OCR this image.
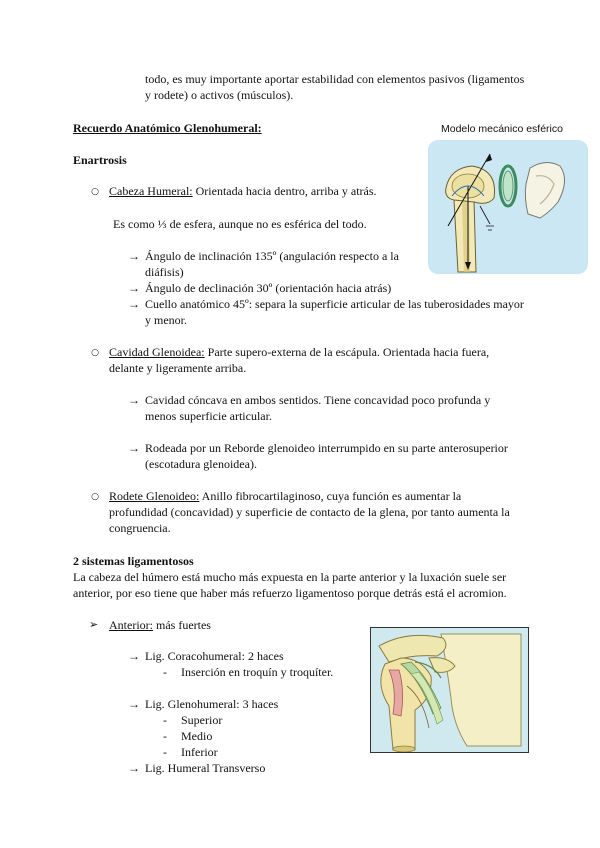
todo, es muy importante aportar estabilidad con elementos pasivos (ligamentos
y rodete) o activos (músculos).
Recuerdo Anatómico Glenohumeral:	Modelo mecánico esférico
Enartrosis
○ Cabeza Humeral: Orientada hacia dentro, arriba y atrás.
Es como ⅓ de esfera, aunque no es esférica del todo.
→ Ángulo de inclinación 135º (angulación respecto a la
diáfisis)
→ Ángulo de declinación 30º (orientación hacia atrás)
→ Cuello anatómico 45º: separa la superficie articular de las tuberosidades mayor
y menor.
○ Cavidad Glenoidea: Parte supero-externa de la escápula. Orientada hacia fuera,
delante y ligeramente arriba.
→ Cavidad cóncava en ambos sentidos. Tiene concavidad poco profunda y
menos superficie articular.
→ Rodeada por un Reborde glenoideo interrumpido en su parte anterosuperior
(escotadura glenoidea).
○ Rodete Glenoideo: Anillo fibrocartilaginoso, cuya función es aumentar la
profundidad (concavidad) y superficie de contacto de la glena, por tanto aumenta la
congruencia.
2 sistemas ligamentosos
La cabeza del húmero está mucho más expuesta en la parte anterior y la luxación suele ser
anterior, por eso tiene que haber más refuerzo ligamentoso porque detrás está el acromion.
➢ Anterior: más fuertes
→ Lig. Coracohumeral: 2 haces
- Inserción en troquín y troquíter.
→ Lig. Glenohumeral: 3 haces
- Superior
- Medio
- Inferior
→ Lig. Humeral Transverso
